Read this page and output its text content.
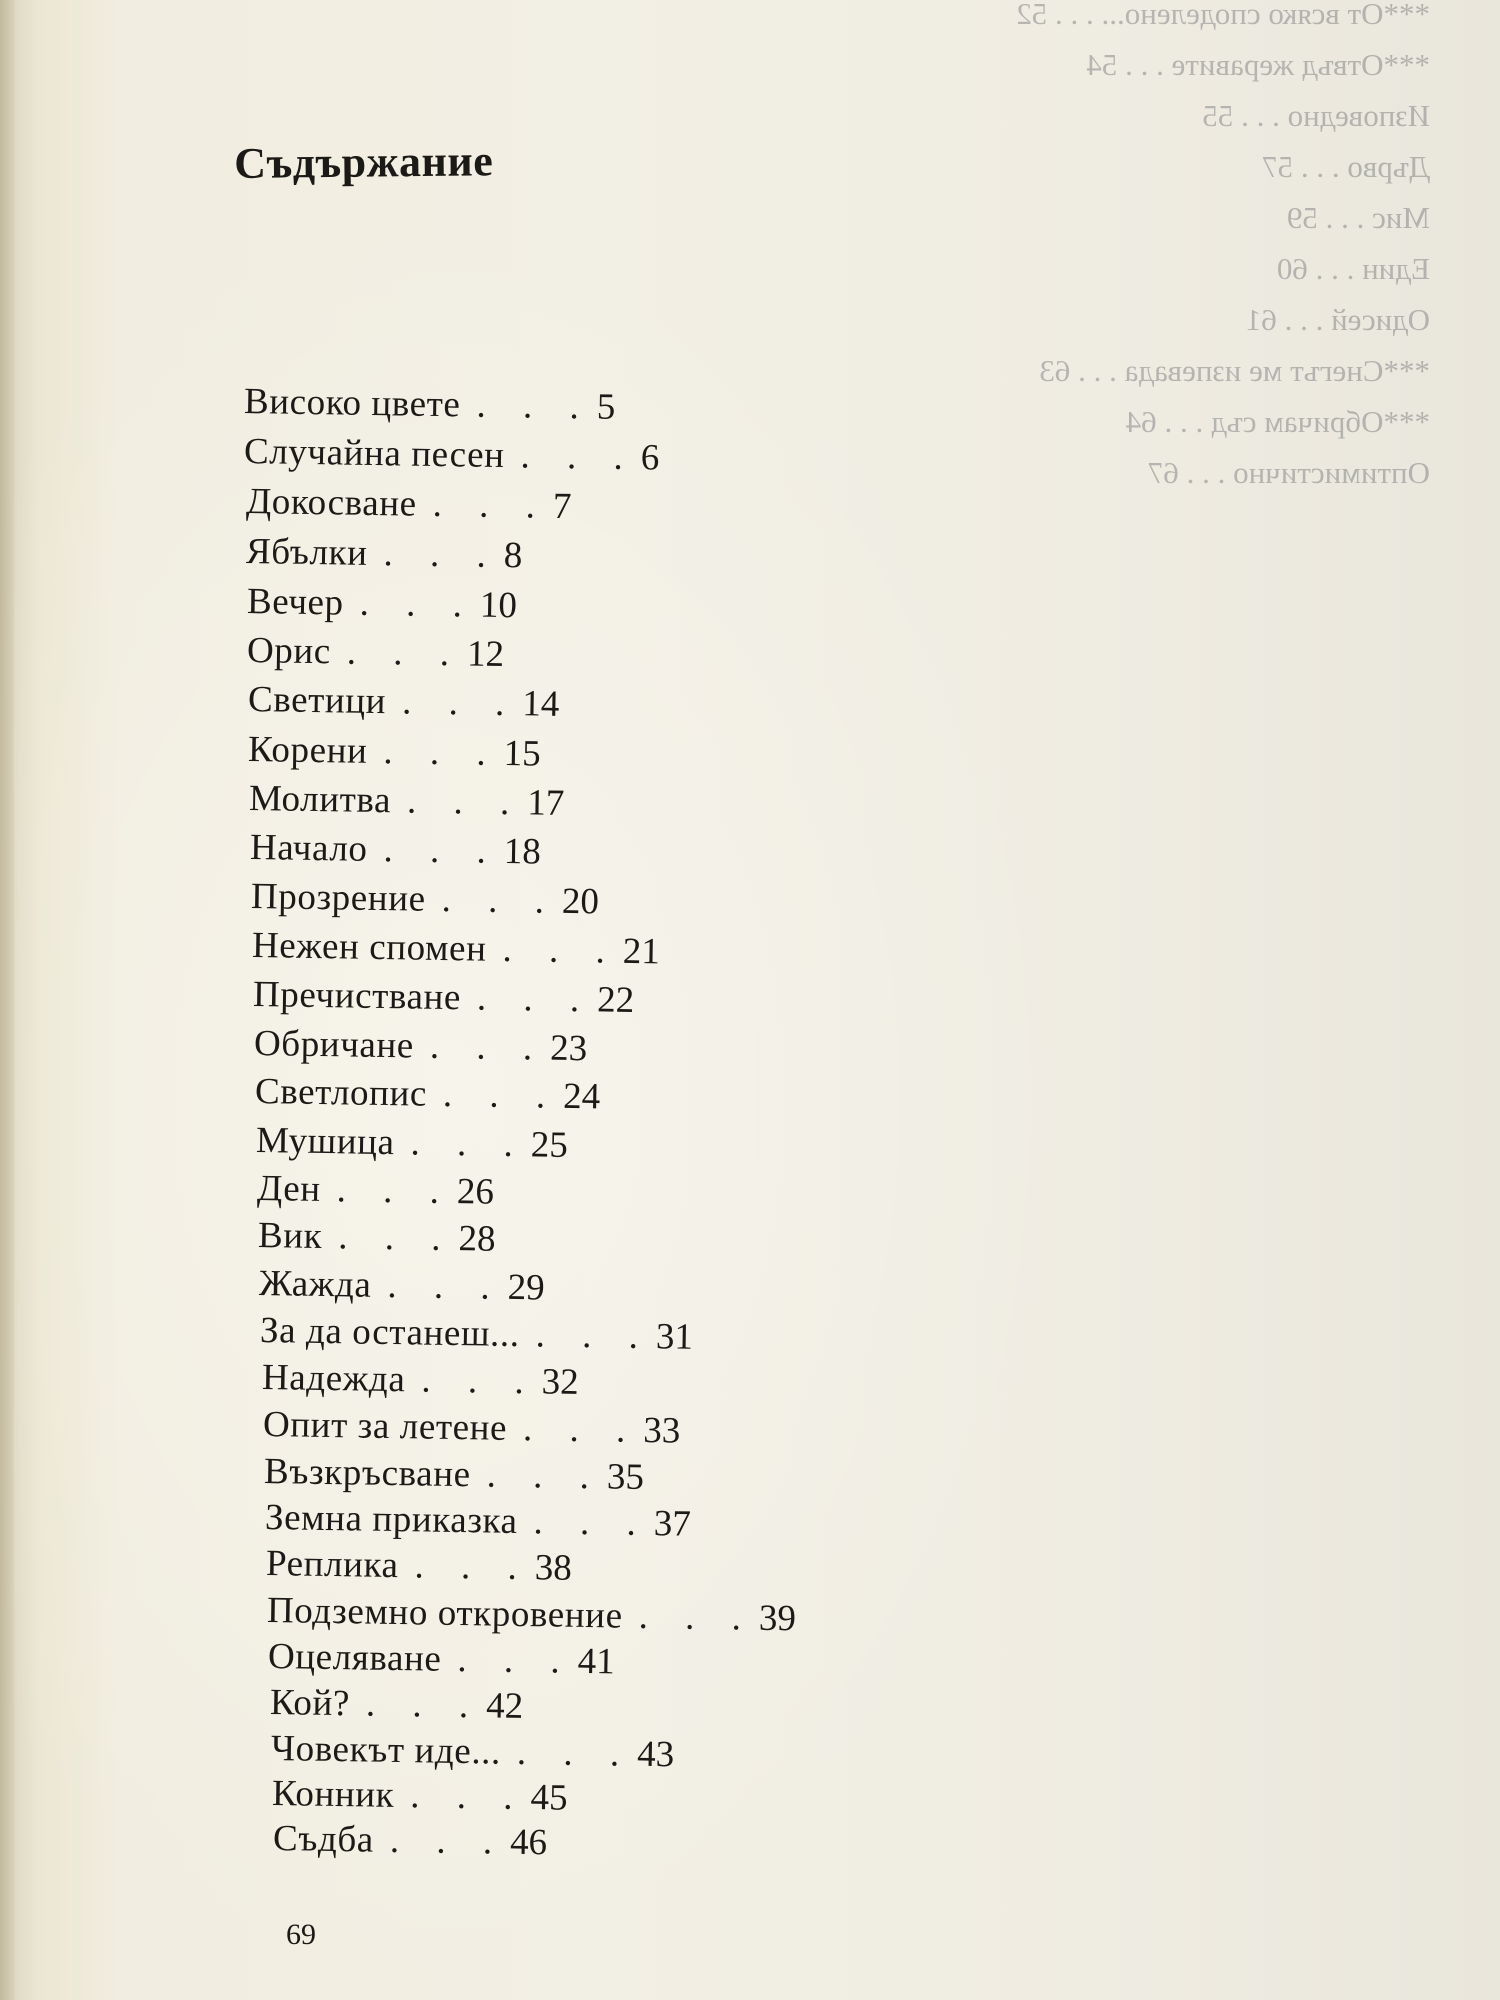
***От всяко споделено... . . . 52
***Отвъд жеравите . . . 54
Изповедно . . . 55
Дърво . . . 57
Мис . . . 59
Един . . . 60
Одисей . . . 61
***Снегът ме изпевада . . . 63
***Обричам съд . . . 64
Оптимистично . . . 67
Съдържание
Високо цвете . . .5
Случайна песен . . .6
Докосване . . .7
Ябълки . . .8
Вечер . . .10
Орис . . .12
Светици . . .14
Корени . . .15
Молитва . . .17
Начало . . .18
Прозрение . . .20
Нежен спомен . . .21
Пречистване . . .22
Обричане . . .23
Светлопис . . .24
Мушица . . .25
Ден . . .26
Вик . . .28
Жажда . . .29
За да останеш... . . .31
Надежда . . .32
Опит за летене . . .33
Възкръсване . . .35
Земна приказка . . .37
Реплика . . .38
Подземно откровение . . .39
Оцеляване . . .41
Кой? . . .42
Човекът иде... . . .43
Конник . . .45
Съдба . . .46
69
